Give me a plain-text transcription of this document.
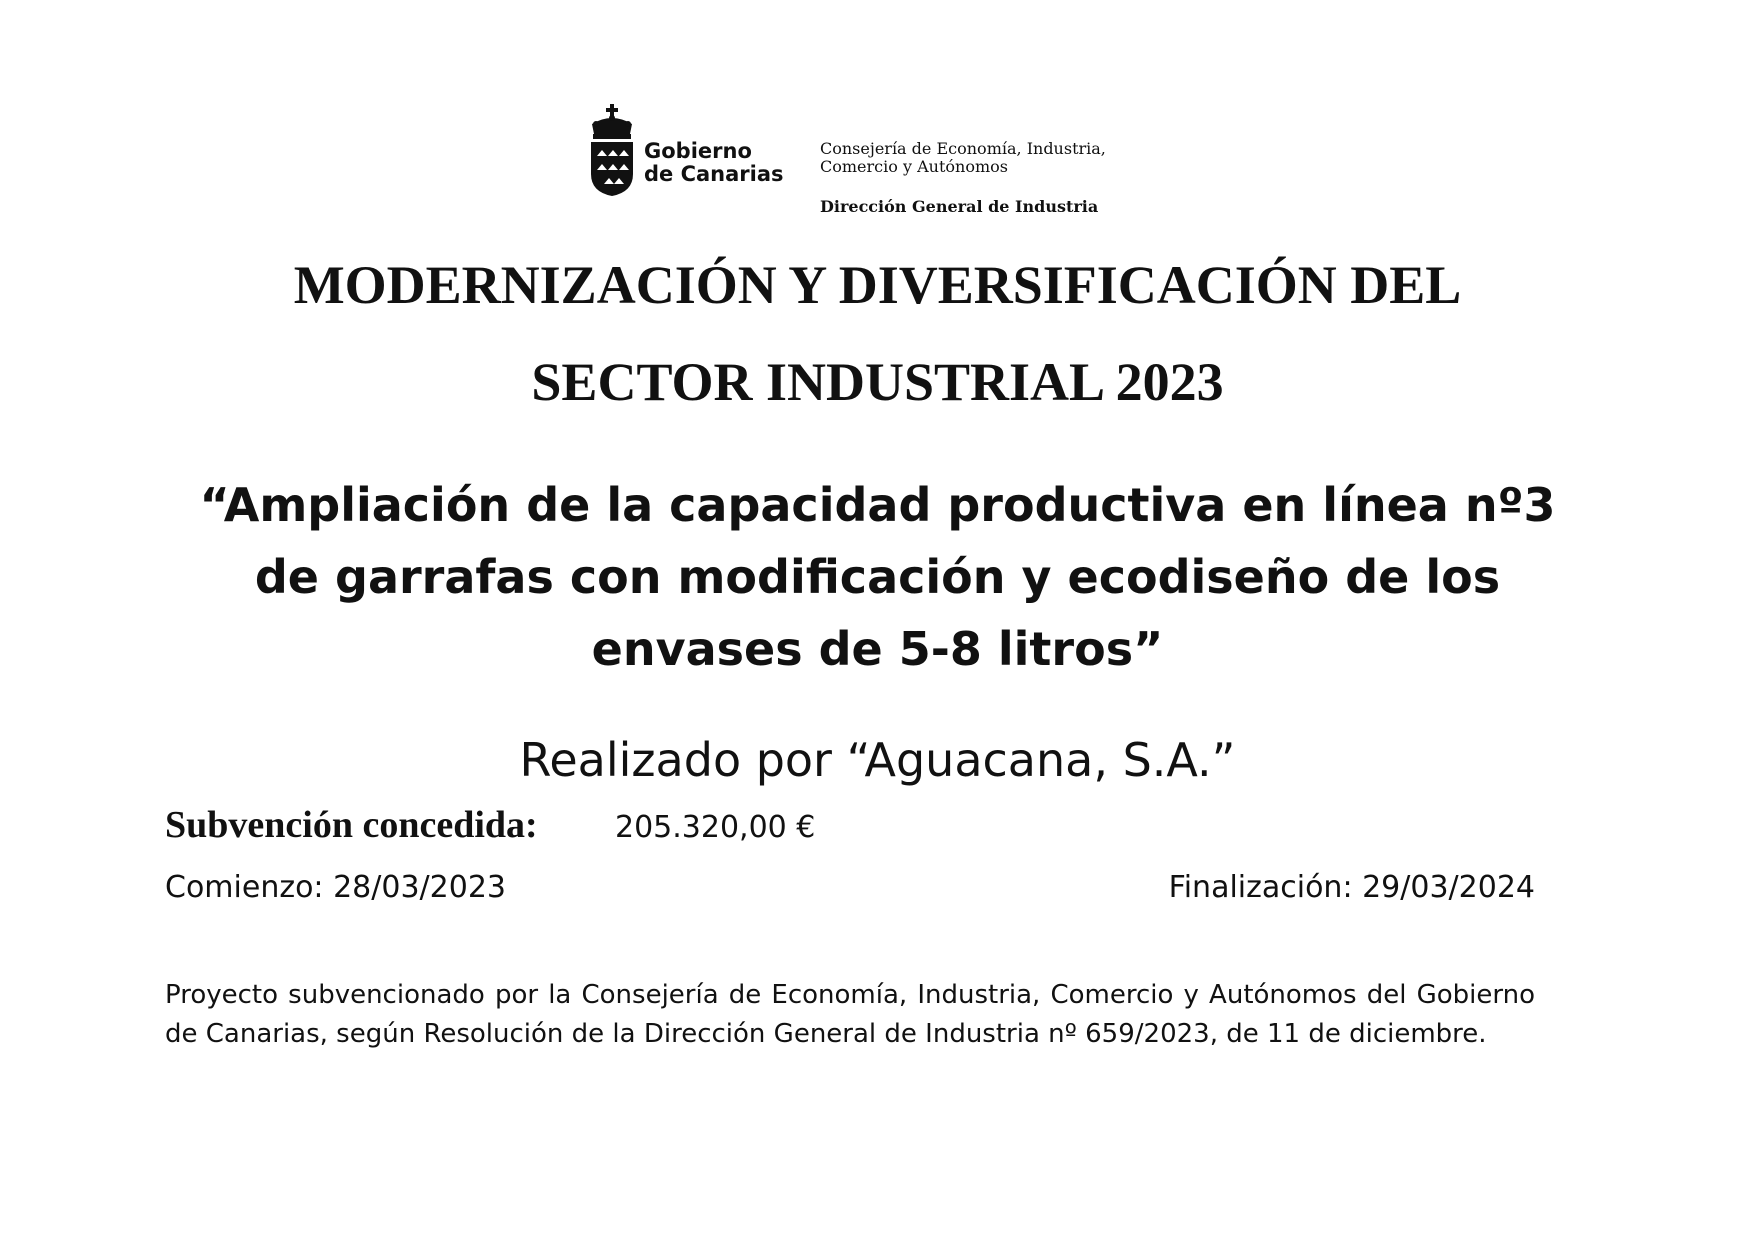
Gobierno
de Canarias
Consejería de Economía, Industria,
Comercio y Autónomos
Dirección General de Industria
MODERNIZACIÓN Y DIVERSIFICACIÓN DEL
SECTOR INDUSTRIAL 2023
“Ampliación de la capacidad productiva en línea nº3
de garrafas con modificación y ecodiseño de los
envases de 5-8 litros”
Realizado por “Aguacana, S.A.”
Subvención concedida:	205.320,00 €
Comienzo: 28/03/2023	Finalización: 29/03/2024
Proyecto subvencionado por la Consejería de Economía, Industria, Comercio y Autónomos del Gobierno de Canarias, según Resolución de la Dirección General de Industria nº 659/2023, de 11 de diciembre.
